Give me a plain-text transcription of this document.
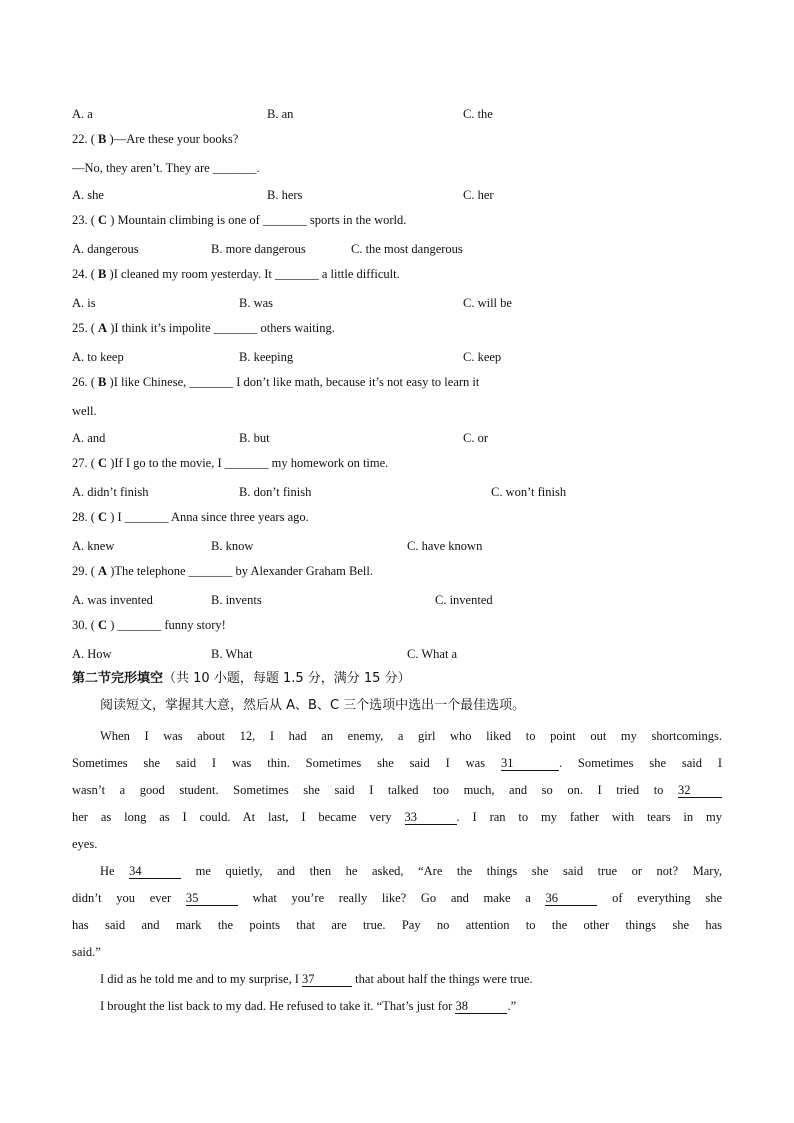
A. a	B. an	C. the
22. ( B )—Are these your books?
—No, they aren’t. They are _______.
A. she	B. hers	C. her
23. ( C ) Mountain climbing is one of _______ sports in the world.
A. dangerous	B. more dangerous	C. the most dangerous
24. ( B )I cleaned my room yesterday. It _______ a little difficult.
A. is	B. was	C. will be
25. ( A )I think it’s impolite _______ others waiting.
A. to keep	B. keeping	C. keep
26. ( B )I like Chinese, _______ I don’t like math, because it’s not easy to learn it
well.
A. and	B. but	C. or
27. ( C )If I go to the movie, I _______ my homework on time.
A. didn’t finish	B. don’t finish	C. won’t finish
28. ( C ) I _______ Anna since three years ago.
A. knew	B. know	C. have known
29. ( A )The telephone _______ by Alexander Graham Bell.
A. was invented	B. invents	C. invented
30. ( C ) _______ funny story!
A. How	B. What	C. What a
第二节完形填空（共 10 小题，每题 1.5 分，满分 15 分）
阅读短文，掌握其大意，然后从 A、B、C 三个选项中选出一个最佳选项。
When I was about 12, I had an enemy, a girl who liked to point out my shortcomings.
Sometimes she said I was thin. Sometimes she said I was 31	. Sometimes she said I
wasn’t a good student. Sometimes she said I talked too much, and so on. I tried to 32
her as long as I could. At last, I became very 33	. I ran to my father with tears in my
eyes.
He 34	me quietly, and then he asked, “Are the things she said true or not? Mary,
didn’t you ever 35	what you’re really like? Go and make a 36	of everything she
has said and mark the points that are true. Pay no attention to the other things she has
said.”
I did as he told me and to my surprise, I 37	that about half the things were true.
I brought the list back to my dad. He refused to take it. “That’s just for 38	.”
